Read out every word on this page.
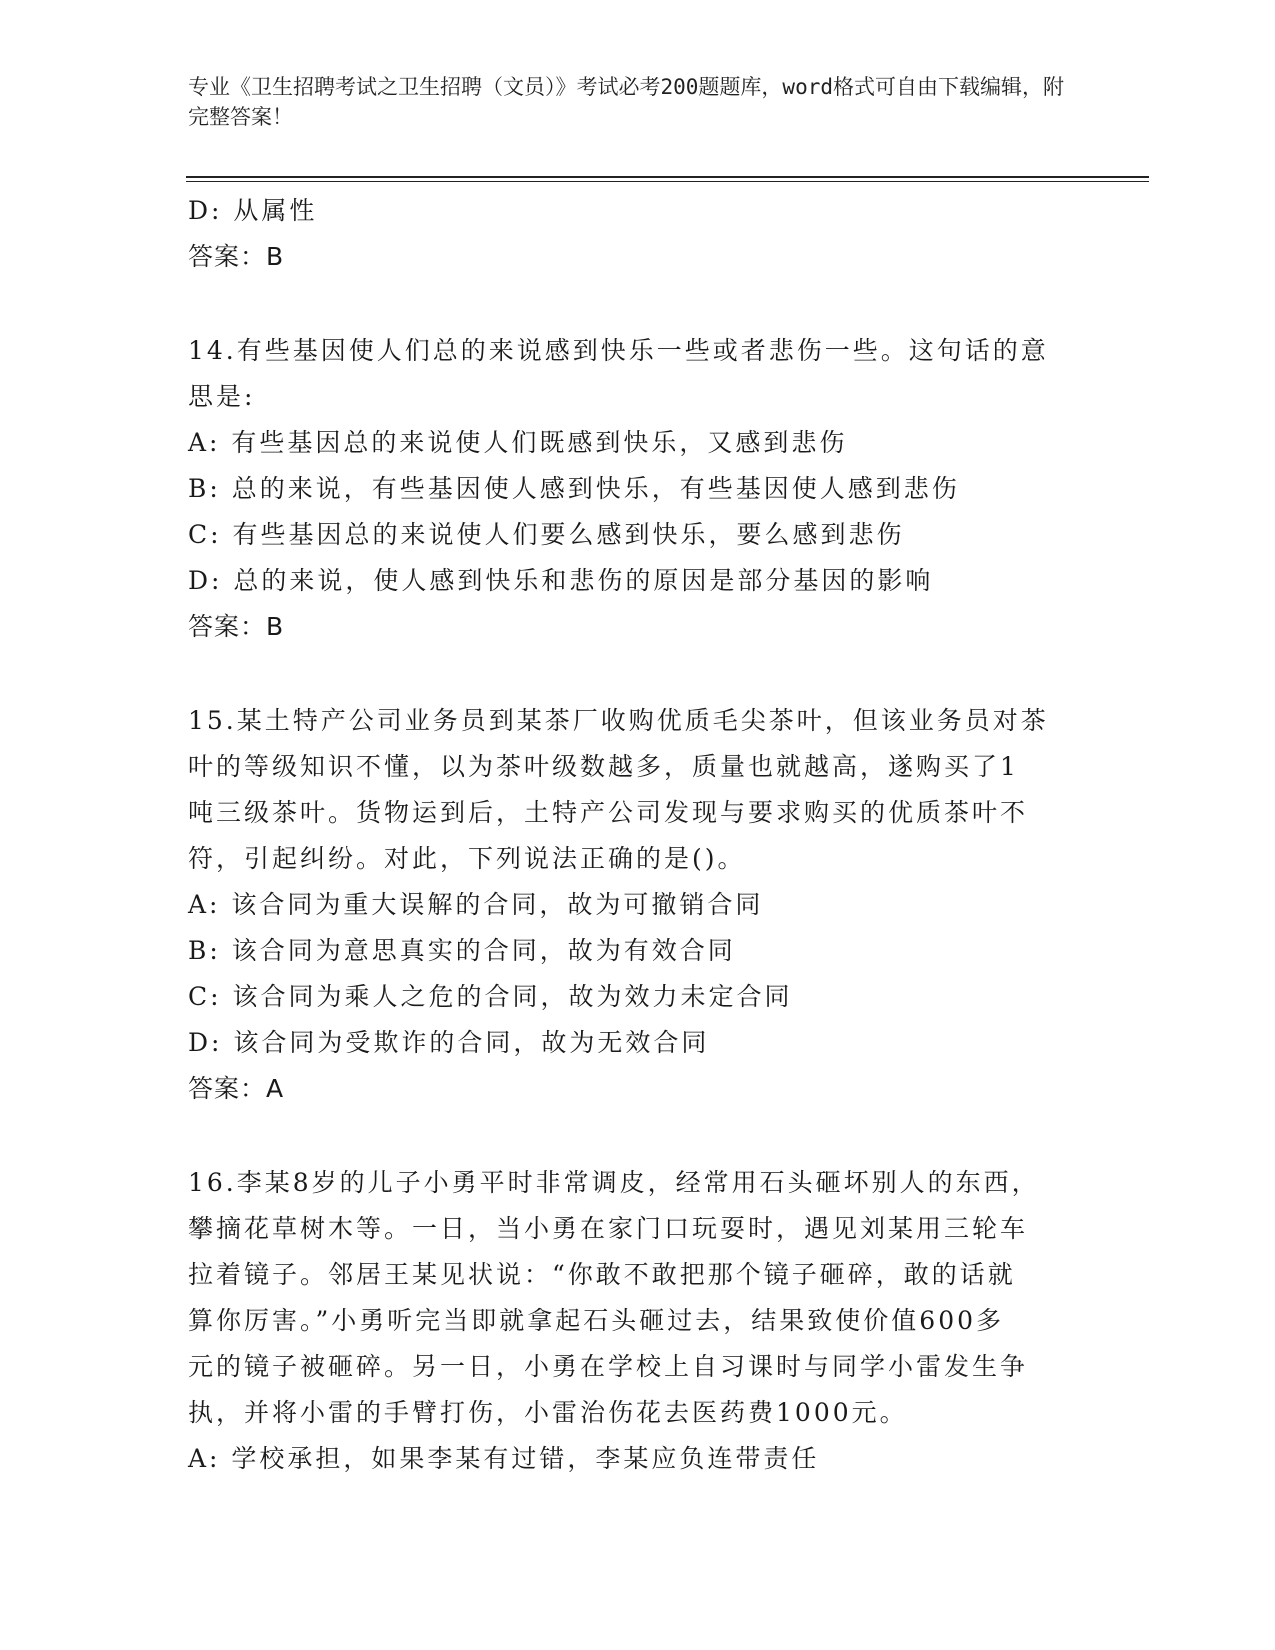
专业《卫生招聘考试之卫生招聘（文员）》考试必考200题题库，word格式可自由下载编辑，附完整答案！
D: 从属性
答案：B
14.有些基因使人们总的来说感到快乐一些或者悲伤一些。这句话的意
思是:
A: 有些基因总的来说使人们既感到快乐，又感到悲伤
B: 总的来说，有些基因使人感到快乐，有些基因使人感到悲伤
C: 有些基因总的来说使人们要么感到快乐，要么感到悲伤
D: 总的来说，使人感到快乐和悲伤的原因是部分基因的影响
答案：B
15.某土特产公司业务员到某茶厂收购优质毛尖茶叶，但该业务员对茶
叶的等级知识不懂，以为茶叶级数越多，质量也就越高，遂购买了1
吨三级茶叶。货物运到后，土特产公司发现与要求购买的优质茶叶不
符，引起纠纷。对此，下列说法正确的是()。
A: 该合同为重大误解的合同，故为可撤销合同
B: 该合同为意思真实的合同，故为有效合同
C: 该合同为乘人之危的合同，故为效力未定合同
D: 该合同为受欺诈的合同，故为无效合同
答案：A
16.李某8岁的儿子小勇平时非常调皮，经常用石头砸坏别人的东西，
攀摘花草树木等。一日，当小勇在家门口玩耍时，遇见刘某用三轮车
拉着镜子。邻居王某见状说：“你敢不敢把那个镜子砸碎，敢的话就
算你厉害。”小勇听完当即就拿起石头砸过去，结果致使价值600多
元的镜子被砸碎。另一日，小勇在学校上自习课时与同学小雷发生争
执，并将小雷的手臂打伤，小雷治伤花去医药费1000元。
A: 学校承担，如果李某有过错，李某应负连带责任
